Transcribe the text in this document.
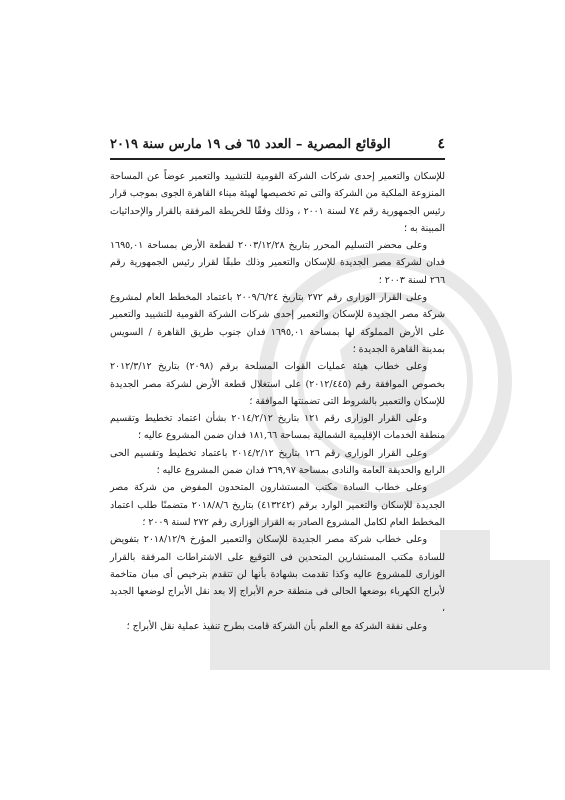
٤
الوقائع المصرية – العدد ٦٥ فى ١٩ مارس سنة ٢٠١٩

للإسكان والتعمير إحدى شركات الشركة القومية للتشييد والتعمير عوضاً عن المساحة المنزوعة الملكية من الشركة والتى تم تخصيصها لهيئة ميناء القاهرة الجوى بموجب قرار رئيس الجمهورية رقم ٧٤ لسنة ٢٠٠١ ، وذلك وفقًا للخريطة المرفقة بالقرار والإحداثيات المبينة به ؛

وعلى محضر التسليم المحرر بتاريخ ٢٠٠٣/١٢/٢٨ لقطعة الأرض بمساحة ١٦٩٥,٠١ فدان لشركة مصر الجديدة للإسكان والتعمير وذلك طبقًا لقرار رئيس الجمهورية رقم ٢٦٦ لسنة ٢٠٠٣ ؛

وعلى القرار الوزارى رقم ٢٧٢ بتاريخ ٢٠٠٩/٦/٢٤ باعتماد المخطط العام لمشروع شركة مصر الجديدة للإسكان والتعمير إحدى شركات الشركة القومية للتشييد والتعمير على الأرض المملوكة لها بمساحة ١٦٩٥,٠١ فدان جنوب طريق القاهرة / السويس بمدينة القاهرة الجديدة ؛

وعلى خطاب هيئة عمليات القوات المسلحة برقم (٢٠٩٨) بتاريخ ٢٠١٢/٣/١٢ بخصوص الموافقة رقم (٢٠١٢/٤٤٥) على استغلال قطعة الأرض لشركة مصر الجديدة للإسكان والتعمير بالشروط التى تضمنتها الموافقة ؛

وعلى القرار الوزارى رقم ١٢١ بتاريخ ٢٠١٤/٢/١٢ بشأن اعتماد تخطيط وتقسيم منطقة الخدمات الإقليمية الشمالية بمساحة ١٨١,٦٦ فدان ضمن المشروع عاليه ؛

وعلى القرار الوزارى رقم ١٢٦ بتاريخ ٢٠١٤/٢/١٢ باعتماد تخطيط وتقسيم الحى الرابع والحديقة العامة والنادى بمساحة ٣٦٩,٩٧ فدان ضمن المشروع عاليه ؛

وعلى خطاب السادة مكتب المستشارون المتحدون المفوض من شركة مصر الجديدة للإسكان والتعمير الوارد برقم (٤١٣٢٤٢) بتاريخ ٢٠١٨/٨/٦ متضمنًا طلب اعتماد المخطط العام لكامل المشروع الصادر به القرار الوزارى رقم ٢٧٢ لسنة ٢٠٠٩ ؛

وعلى خطاب شركة مصر الجديدة للإسكان والتعمير المؤرخ ٢٠١٨/١٢/٩ بتفويض للسادة مكتب المستشارين المتحدين فى التوقيع على الاشتراطات المرفقة بالقرار الوزارى للمشروع عاليه وكذا تقدمت بشهادة بأنها لن تتقدم بترخيص أى مبان متاخمة لأبراج الكهرباء بوضعها الحالى فى منطقة حرم الأبراج إلا بعد نقل الأبراج لوضعها الجديد ،

وعلى نفقة الشركة مع العلم بأن الشركة قامت بطرح تنفيذ عملية نقل الأبراج ؛
